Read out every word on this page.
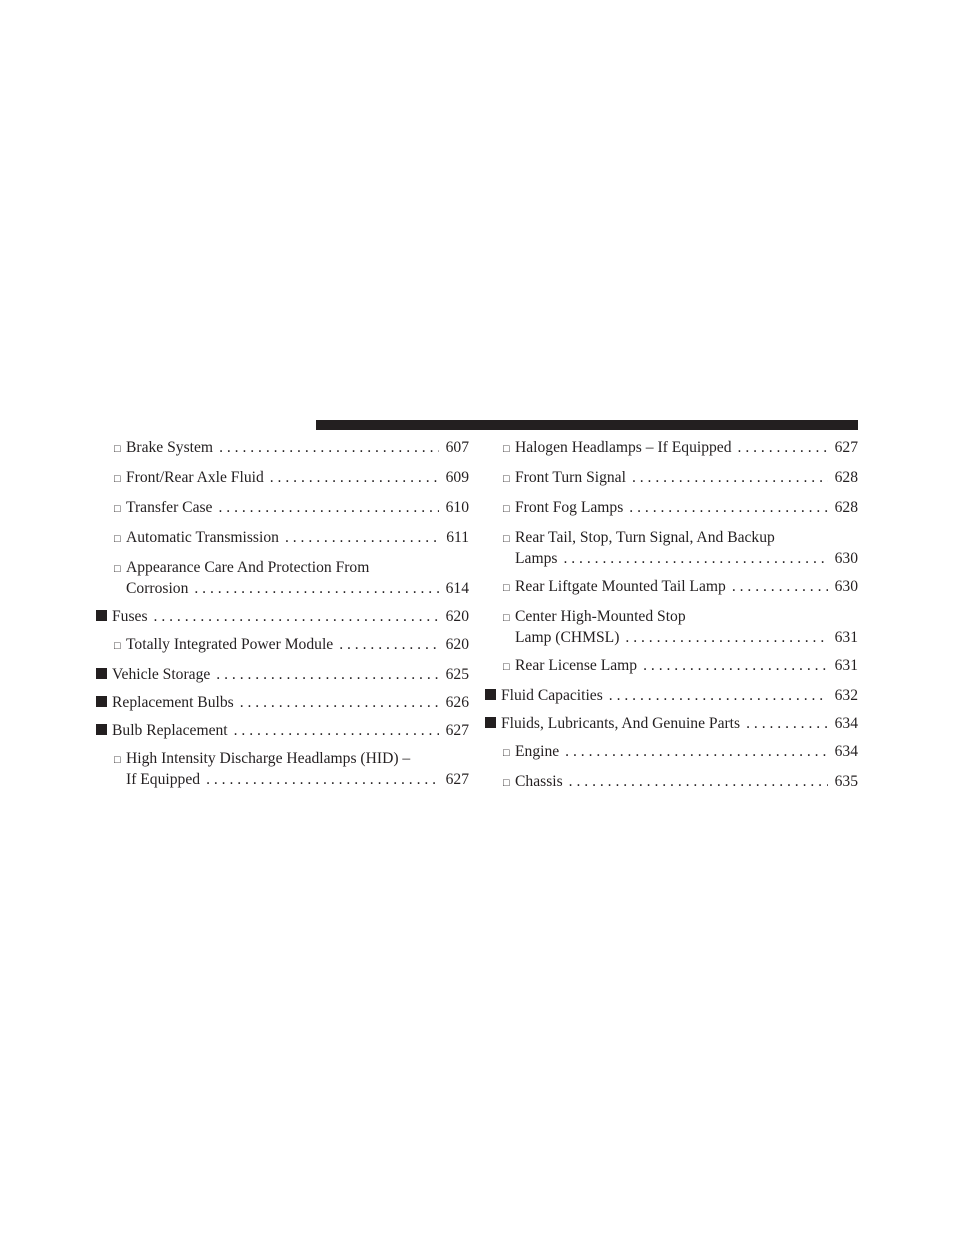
□ Brake System . . .	607
□ Front/Rear Axle Fluid . . .	609
□ Transfer Case . . .	610
□ Automatic Transmission . . .	611
□ Appearance Care And Protection From
Corrosion . . .	614
Fuses . . .	620
□ Totally Integrated Power Module . . .	620
Vehicle Storage . . .	625
Replacement Bulbs . . .	626
Bulb Replacement . . .	627
□ High Intensity Discharge Headlamps (HID) –
If Equipped . . .	627
□ Halogen Headlamps – If Equipped . . .	627
□ Front Turn Signal . . .	628
□ Front Fog Lamps . . .	628
□ Rear Tail, Stop, Turn Signal, And Backup
Lamps . . .	630
□ Rear Liftgate Mounted Tail Lamp . . .	630
□ Center High-Mounted Stop
Lamp (CHMSL) . . .	631
□ Rear License Lamp . . .	631
Fluid Capacities . . .	632
Fluids, Lubricants, And Genuine Parts . . .	634
□ Engine . . .	634
□ Chassis . . .	635
